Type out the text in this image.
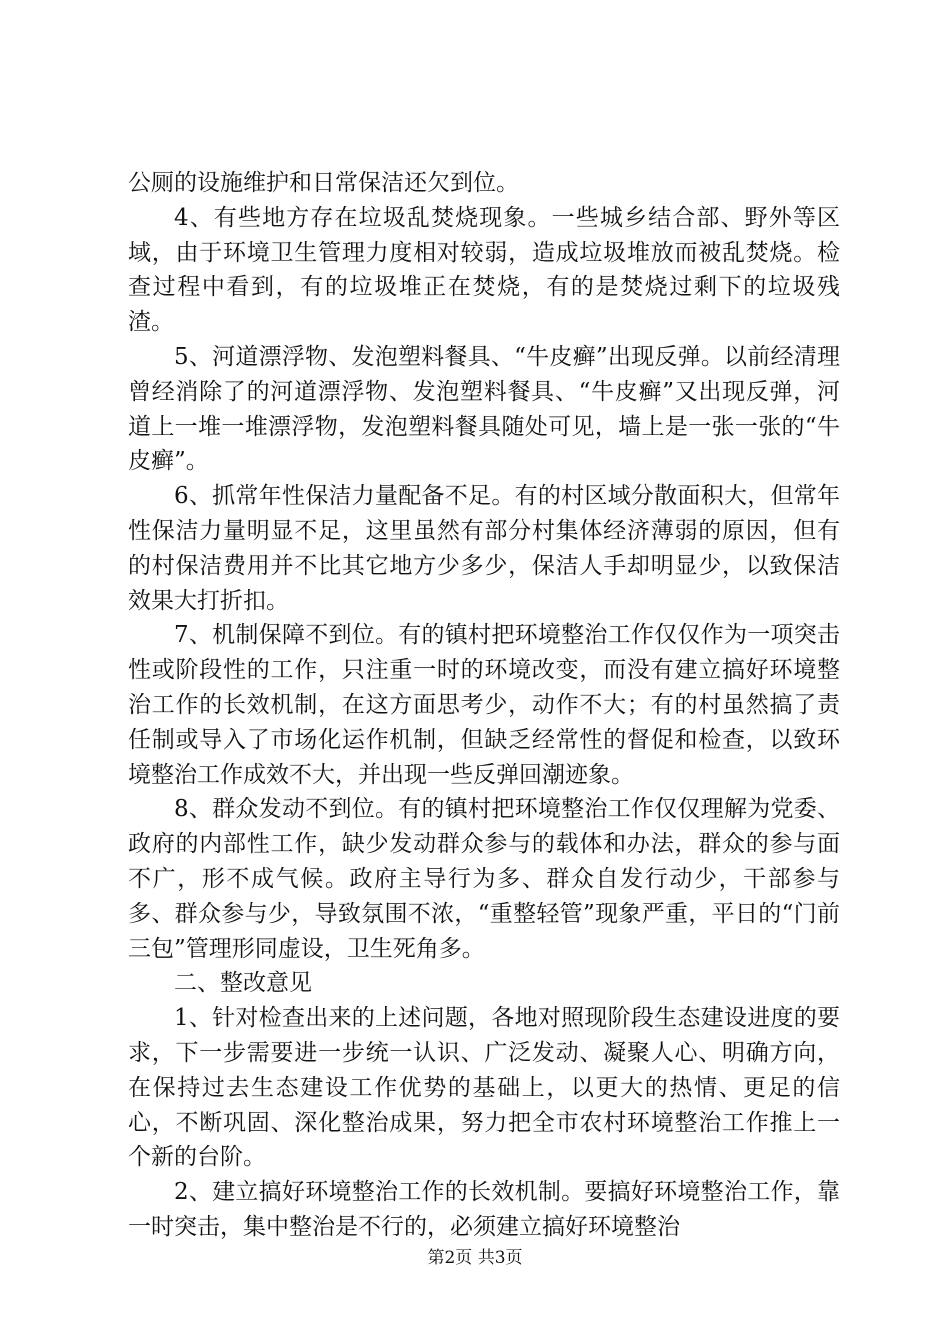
公厕的设施维护和日常保洁还欠到位。

4、有些地方存在垃圾乱焚烧现象。一些城乡结合部、野外等区域，由于环境卫生管理力度相对较弱，造成垃圾堆放而被乱焚烧。检查过程中看到，有的垃圾堆正在焚烧，有的是焚烧过剩下的垃圾残渣。

5、河道漂浮物、发泡塑料餐具、“牛皮癣”出现反弹。以前经清理曾经消除了的河道漂浮物、发泡塑料餐具、“牛皮癣”又出现反弹，河道上一堆一堆漂浮物，发泡塑料餐具随处可见，墙上是一张一张的“牛皮癣”。

6、抓常年性保洁力量配备不足。有的村区域分散面积大，但常年性保洁力量明显不足，这里虽然有部分村集体经济薄弱的原因，但有的村保洁费用并不比其它地方少多少，保洁人手却明显少，以致保洁效果大打折扣。

7、机制保障不到位。有的镇村把环境整治工作仅仅作为一项突击性或阶段性的工作，只注重一时的环境改变，而没有建立搞好环境整治工作的长效机制，在这方面思考少，动作不大；有的村虽然搞了责任制或导入了市场化运作机制，但缺乏经常性的督促和检查，以致环境整治工作成效不大，并出现一些反弹回潮迹象。

8、群众发动不到位。有的镇村把环境整治工作仅仅理解为党委、政府的内部性工作，缺少发动群众参与的载体和办法，群众的参与面不广，形不成气候。政府主导行为多、群众自发行动少，干部参与多、群众参与少，导致氛围不浓，“重整轻管”现象严重，平日的“门前三包”管理形同虚设，卫生死角多。

二、整改意见

1、针对检查出来的上述问题，各地对照现阶段生态建设进度的要求，下一步需要进一步统一认识、广泛发动、凝聚人心、明确方向，在保持过去生态建设工作优势的基础上，以更大的热情、更足的信心，不断巩固、深化整治成果，努力把全市农村环境整治工作推上一个新的台阶。

2、建立搞好环境整治工作的长效机制。要搞好环境整治工作，靠一时突击，集中整治是不行的，必须建立搞好环境整治

第2页 共3页
